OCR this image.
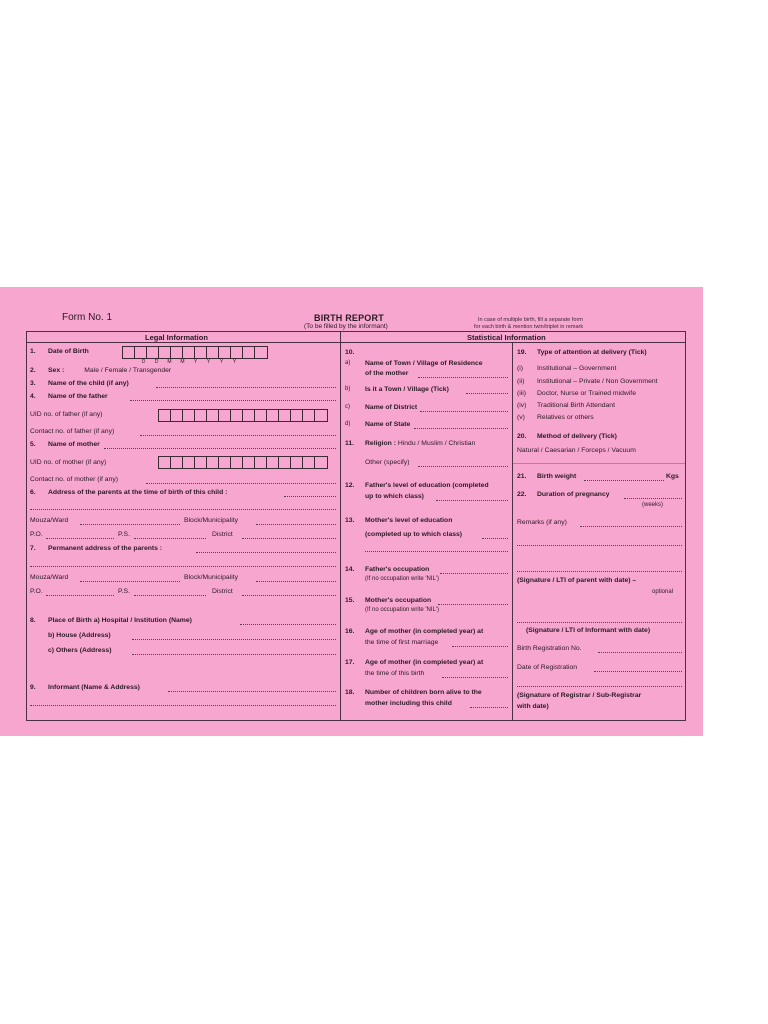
Form No. 1	BIRTH REPORT
(To be filled by the informant)
In case of multiple birth, fill a separate form
for each birth & mention twin/triplet in remark
Legal Information	Statistical Information
1. Date of Birth
D	D	M	M	Y	Y	Y	Y
2. Sex :	Male / Female / Transgender
3. Name of the child (if any)
4. Name of the father
UID no. of father (if any)
Contact no. of father (if any)
5. Name of mother
UID no. of mother (if any)
Contact no. of mother (if any)
6. Address of the parents at the time of birth of this child :
Mouza/Ward	Block/Municipality
P.O.	P.S.	District
7. Permanent address of the parents :
Mouza/Ward	Block/Municipality
P.O.	P.S.	District
8. Place of Birth a) Hospital / Institution (Name)
b) House (Address)
c) Others (Address)
9. Informant (Name & Address)
10.
a) Name of Town / Village of Residence
of the mother
b) Is it a Town / Village (Tick)
c) Name of District
d) Name of State
11. Religion : Hindu / Muslim / Christian
Other (specify)
12. Father's level of education (completed
up to which class)
13. Mother's level of education
(completed up to which class)
14. Father's occupation
(If no occupation write 'NIL')
15. Mother's occupation
(If no occupation write 'NIL')
16. Age of mother (in completed year) at
the time of first marriage
17. Age of mother (in completed year) at
the time of this birth
18. Number of children born alive to the
mother including this child
19. Type of attention at delivery (Tick)
(i) Institutional – Government
(ii) Institutional – Private / Non Government
(iii) Doctor, Nurse or Trained midwife
(iv) Traditional Birth Attendant
(v) Relatives or others
20. Method of delivery (Tick)
Natural / Caesarian / Forceps / Vacuum
21. Birth weight	Kgs
22. Duration of pregnancy
(weeks)
Remarks (if any)
(Signature / LTI of parent with date) –
optional
(Signature / LTI of Informant with date)
Birth Registration No.
Date of Registration
(Signature of Registrar / Sub-Registrar
with date)
